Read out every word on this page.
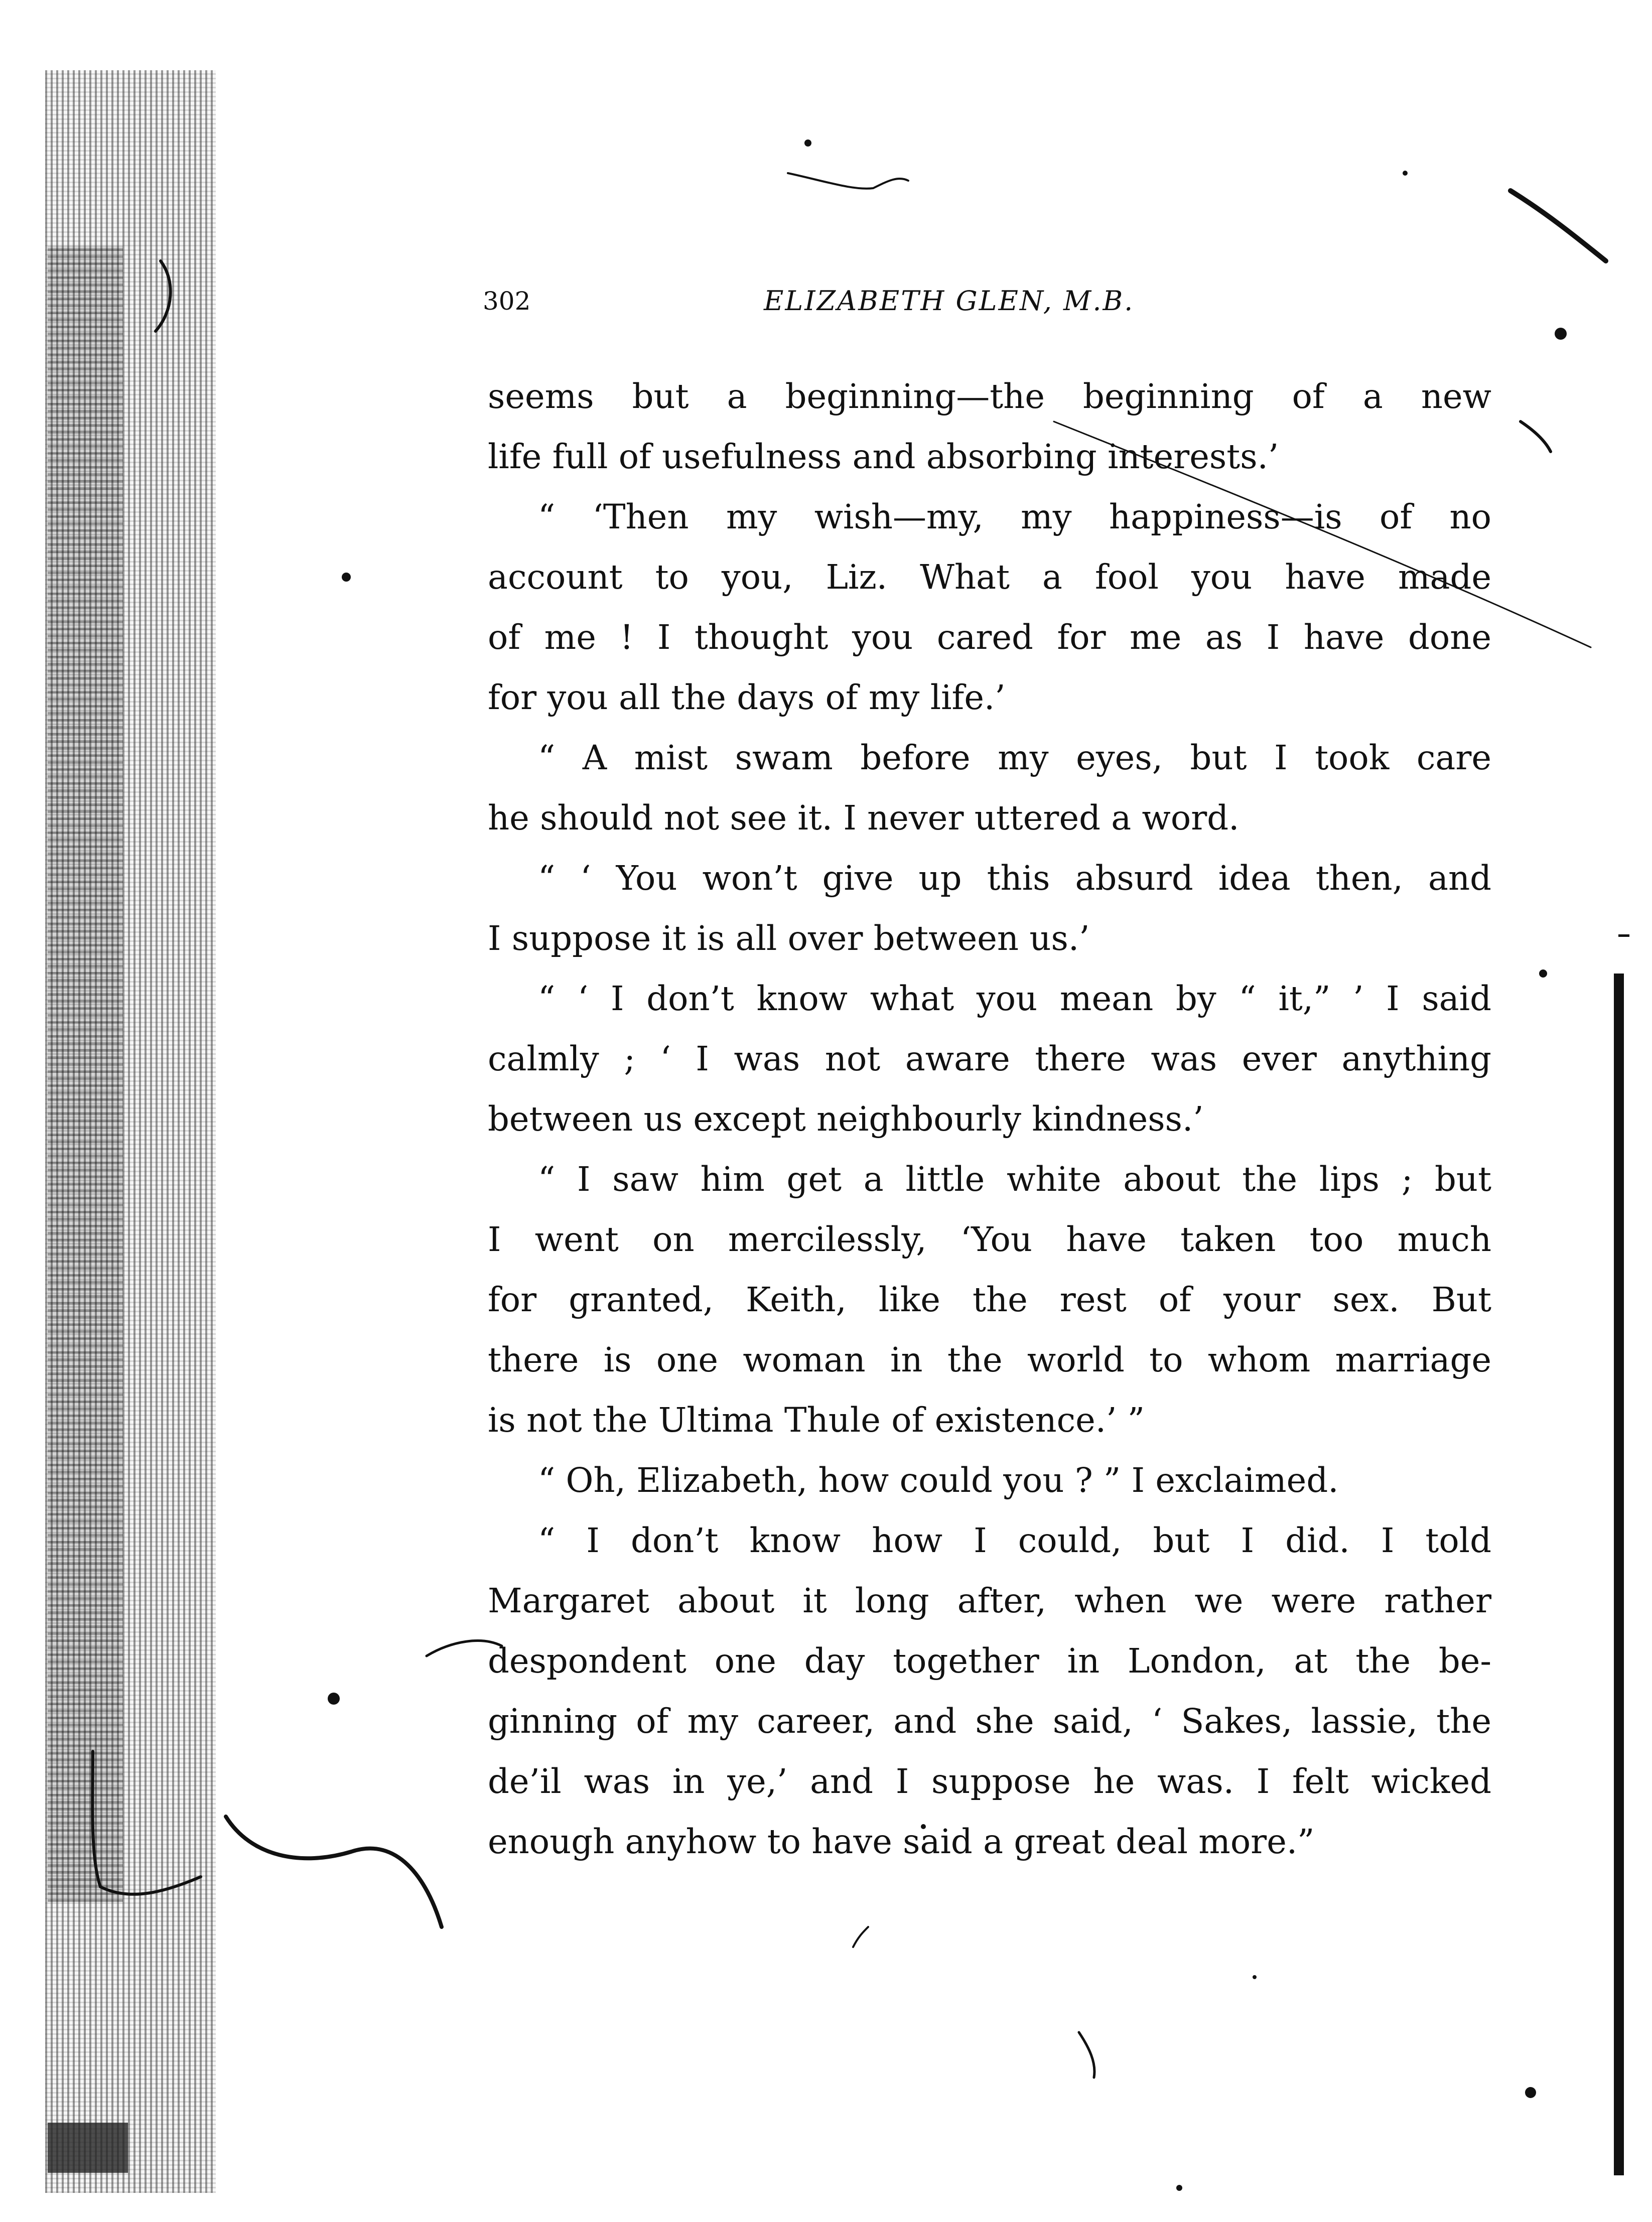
302	ELIZABETH GLEN, M.B.
seems but a beginning—the beginning of a new
life full of usefulness and absorbing interests.’
“ ‘Then my wish—my, my happiness—is of no
account to you, Liz. What a fool you have made
of me ! I thought you cared for me as I have done
for you all the days of my life.’
“ A mist swam before my eyes, but I took care
he should not see it. I never uttered a word.
“ ‘ You won’t give up this absurd idea then, and
I suppose it is all over between us.’
“ ‘ I don’t know what you mean by “ it,” ’ I said
calmly ; ‘ I was not aware there was ever anything
between us except neighbourly kindness.’
“ I saw him get a little white about the lips ; but
I went on mercilessly, ‘You have taken too much
for granted, Keith, like the rest of your sex. But
there is one woman in the world to whom marriage
is not the Ultima Thule of existence.’ ”
“ Oh, Elizabeth, how could you ? ” I exclaimed.
“ I don’t know how I could, but I did. I told
Margaret about it long after, when we were rather
despondent one day together in London, at the be-
ginning of my career, and she said, ‘ Sakes, lassie, the
de’il was in ye,’ and I suppose he was. I felt wicked
enough anyhow to have said a great deal more.”
